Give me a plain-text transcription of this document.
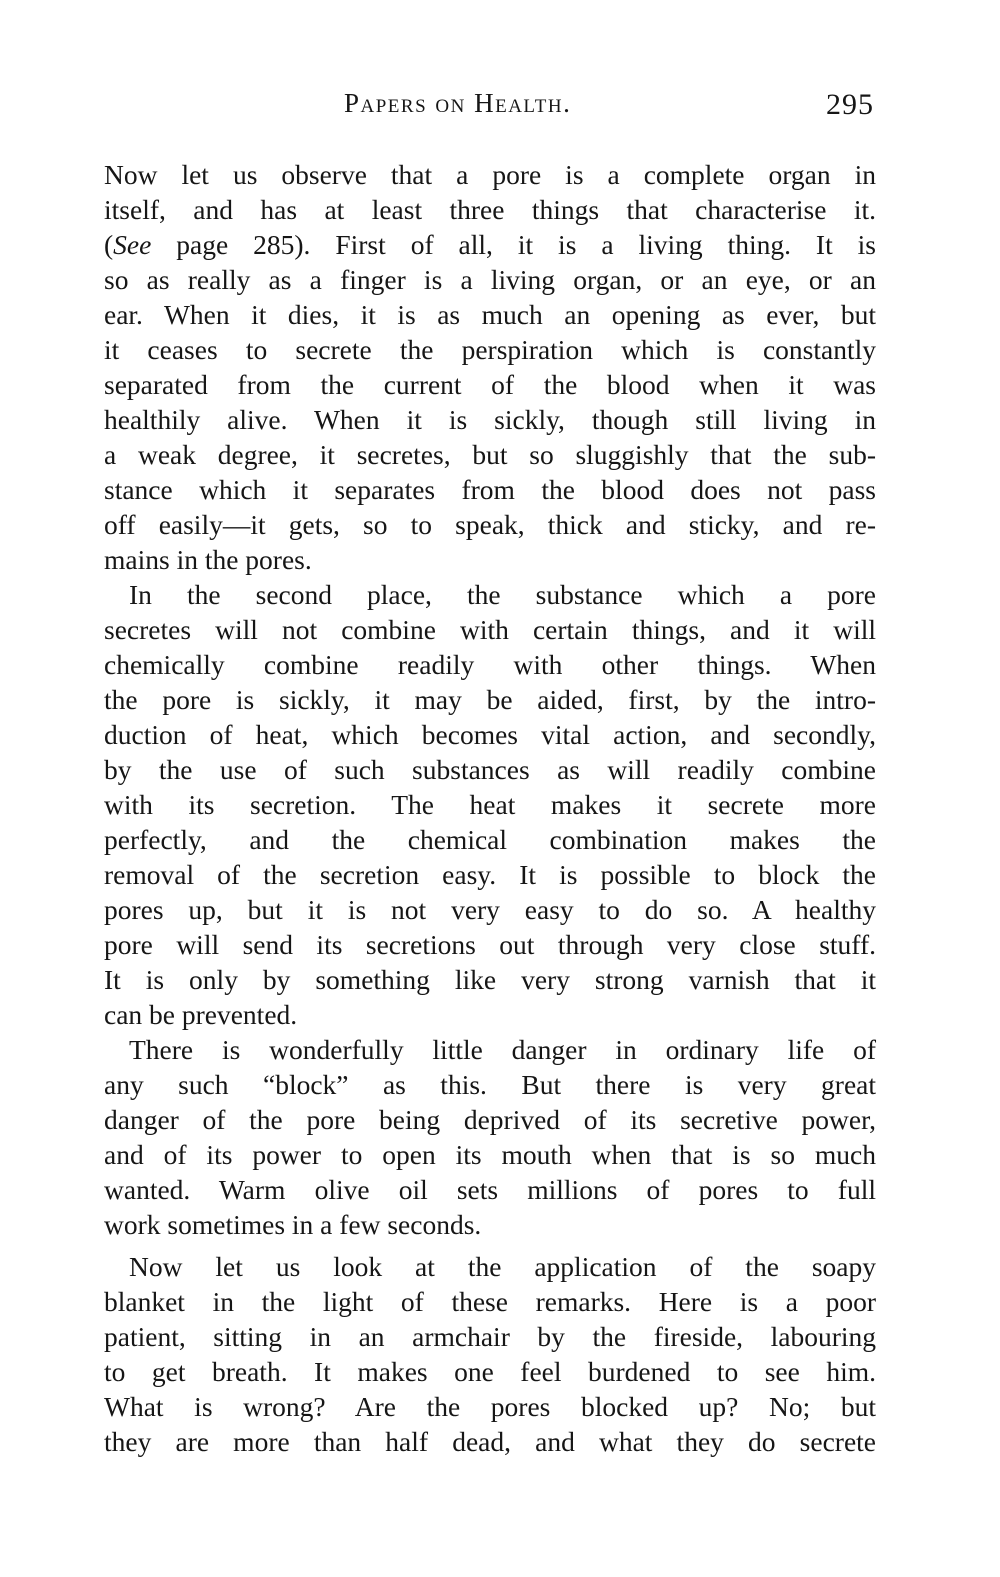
Papers on Health.	295
Now let us observe that a pore is a complete organ in
itself, and has at least three things that characterise it.
(See page 285). First of all, it is a living thing. It is
so as really as a finger is a living organ, or an eye, or an
ear. When it dies, it is as much an opening as ever, but
it ceases to secrete the perspiration which is constantly
separated from the current of the blood when it was
healthily alive. When it is sickly, though still living in
a weak degree, it secretes, but so sluggishly that the sub-
stance which it separates from the blood does not pass
off easily—it gets, so to speak, thick and sticky, and re-
mains in the pores.
In the second place, the substance which a pore
secretes will not combine with certain things, and it will
chemically combine readily with other things. When
the pore is sickly, it may be aided, first, by the intro-
duction of heat, which becomes vital action, and secondly,
by the use of such substances as will readily combine
with its secretion. The heat makes it secrete more
perfectly, and the chemical combination makes the
removal of the secretion easy. It is possible to block the
pores up, but it is not very easy to do so. A healthy
pore will send its secretions out through very close stuff.
It is only by something like very strong varnish that it
can be prevented.
There is wonderfully little danger in ordinary life of
any such “block” as this. But there is very great
danger of the pore being deprived of its secretive power,
and of its power to open its mouth when that is so much
wanted. Warm olive oil sets millions of pores to full
work sometimes in a few seconds.
Now let us look at the application of the soapy
blanket in the light of these remarks. Here is a poor
patient, sitting in an armchair by the fireside, labouring
to get breath. It makes one feel burdened to see him.
What is wrong? Are the pores blocked up? No; but
they are more than half dead, and what they do secrete
